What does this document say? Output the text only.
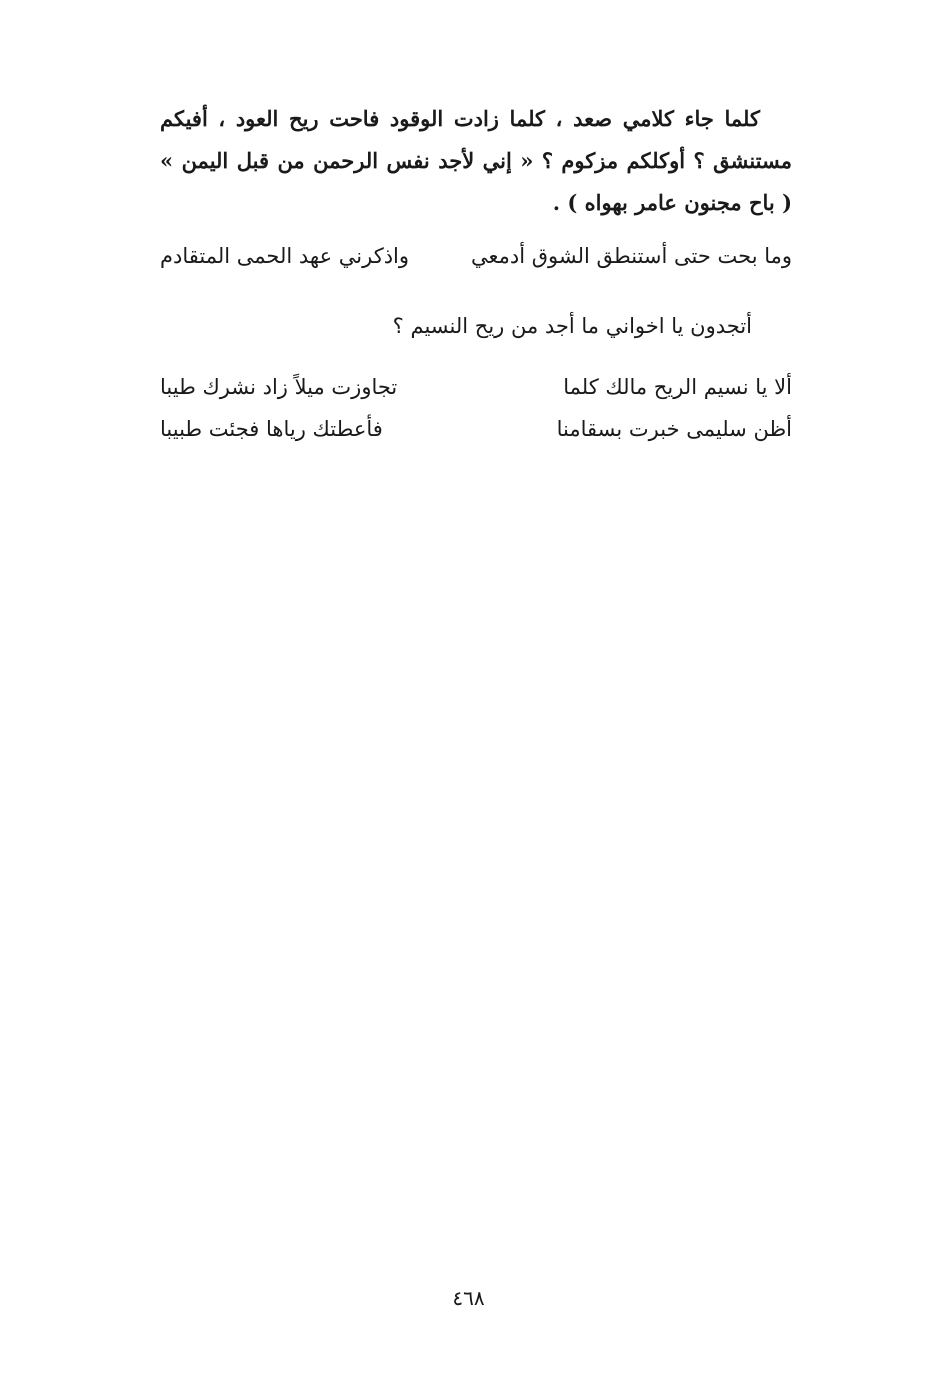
كلما جاء كلامي صعد ، كلما زادت الوقود فاحت ريح العود ، أفيكم مستنشق ؟ أوكلكم مزكوم ؟ « إني لأجد نفس الرحمن من قبل اليمن » ( باح مجنون عامر بهواه ) .

وما بحت حتى أستنطق الشوق أدمعي
واذكرني عهد الحمى المتقادم
أتجدون يا اخواني ما أجد من ريح النسيم ؟
ألا يا نسيم الريح مالك كلما
تجاوزت ميلاً زاد نشرك طيبا
أظن سليمى خبرت بسقامنا
فأعطتك رياها فجئت طبيبا
٤٦٨
